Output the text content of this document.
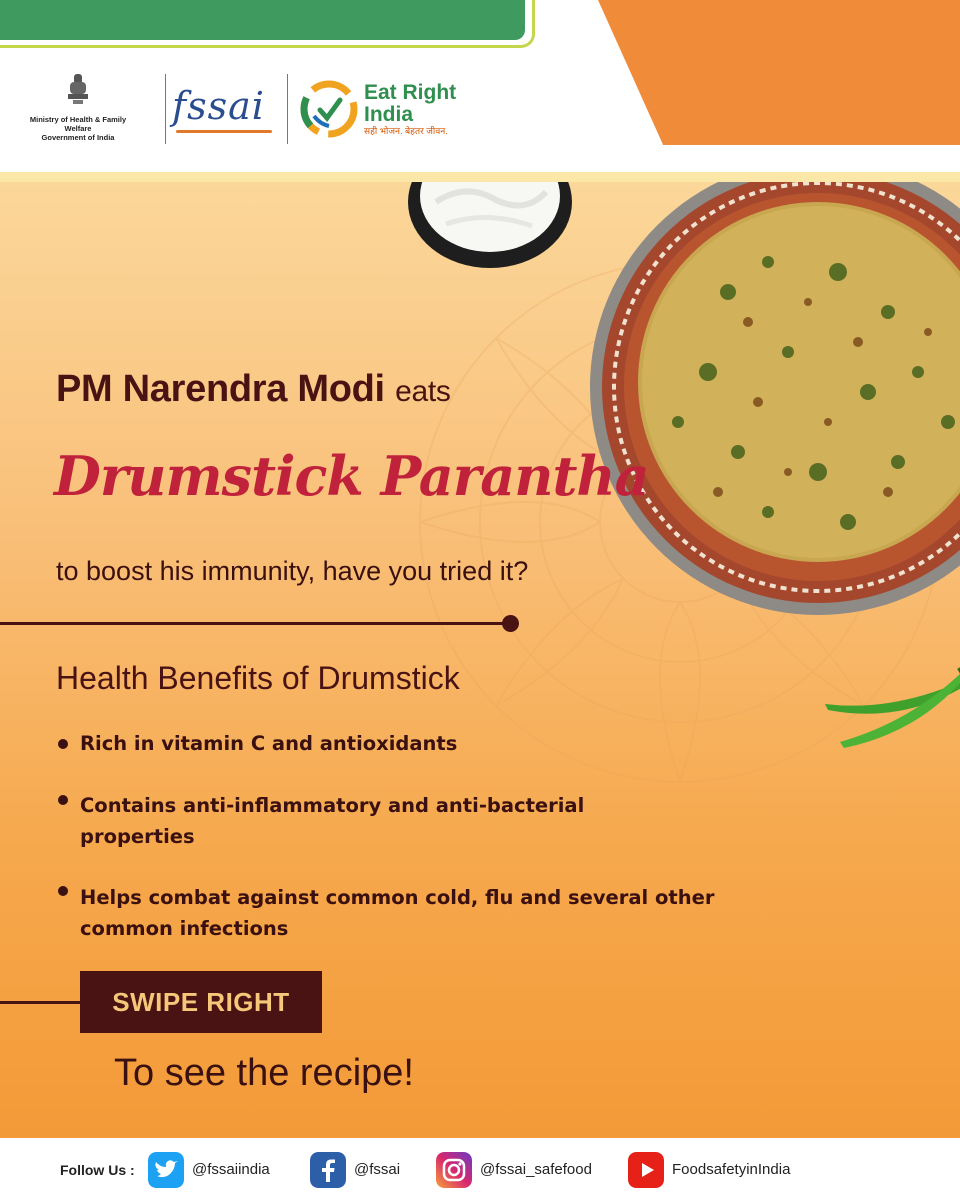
Ministry of Health & Family Welfare
Government of India
fssai	Eat Right
India
सही भोजन. बेहतर जीवन.
PM Narendra Modi eats
Drumstick Parantha
to boost his immunity, have you tried it?
Health Benefits of Drumstick
Rich in vitamin C and antioxidants
Contains anti-inflammatory and anti-bacterial
properties
Helps combat against common cold, flu and several other
common infections
SWIPE RIGHT
To see the recipe!
Follow Us :	@fssaiindia	@fssai	@fssai_safefood	FoodsafetyinIndia
